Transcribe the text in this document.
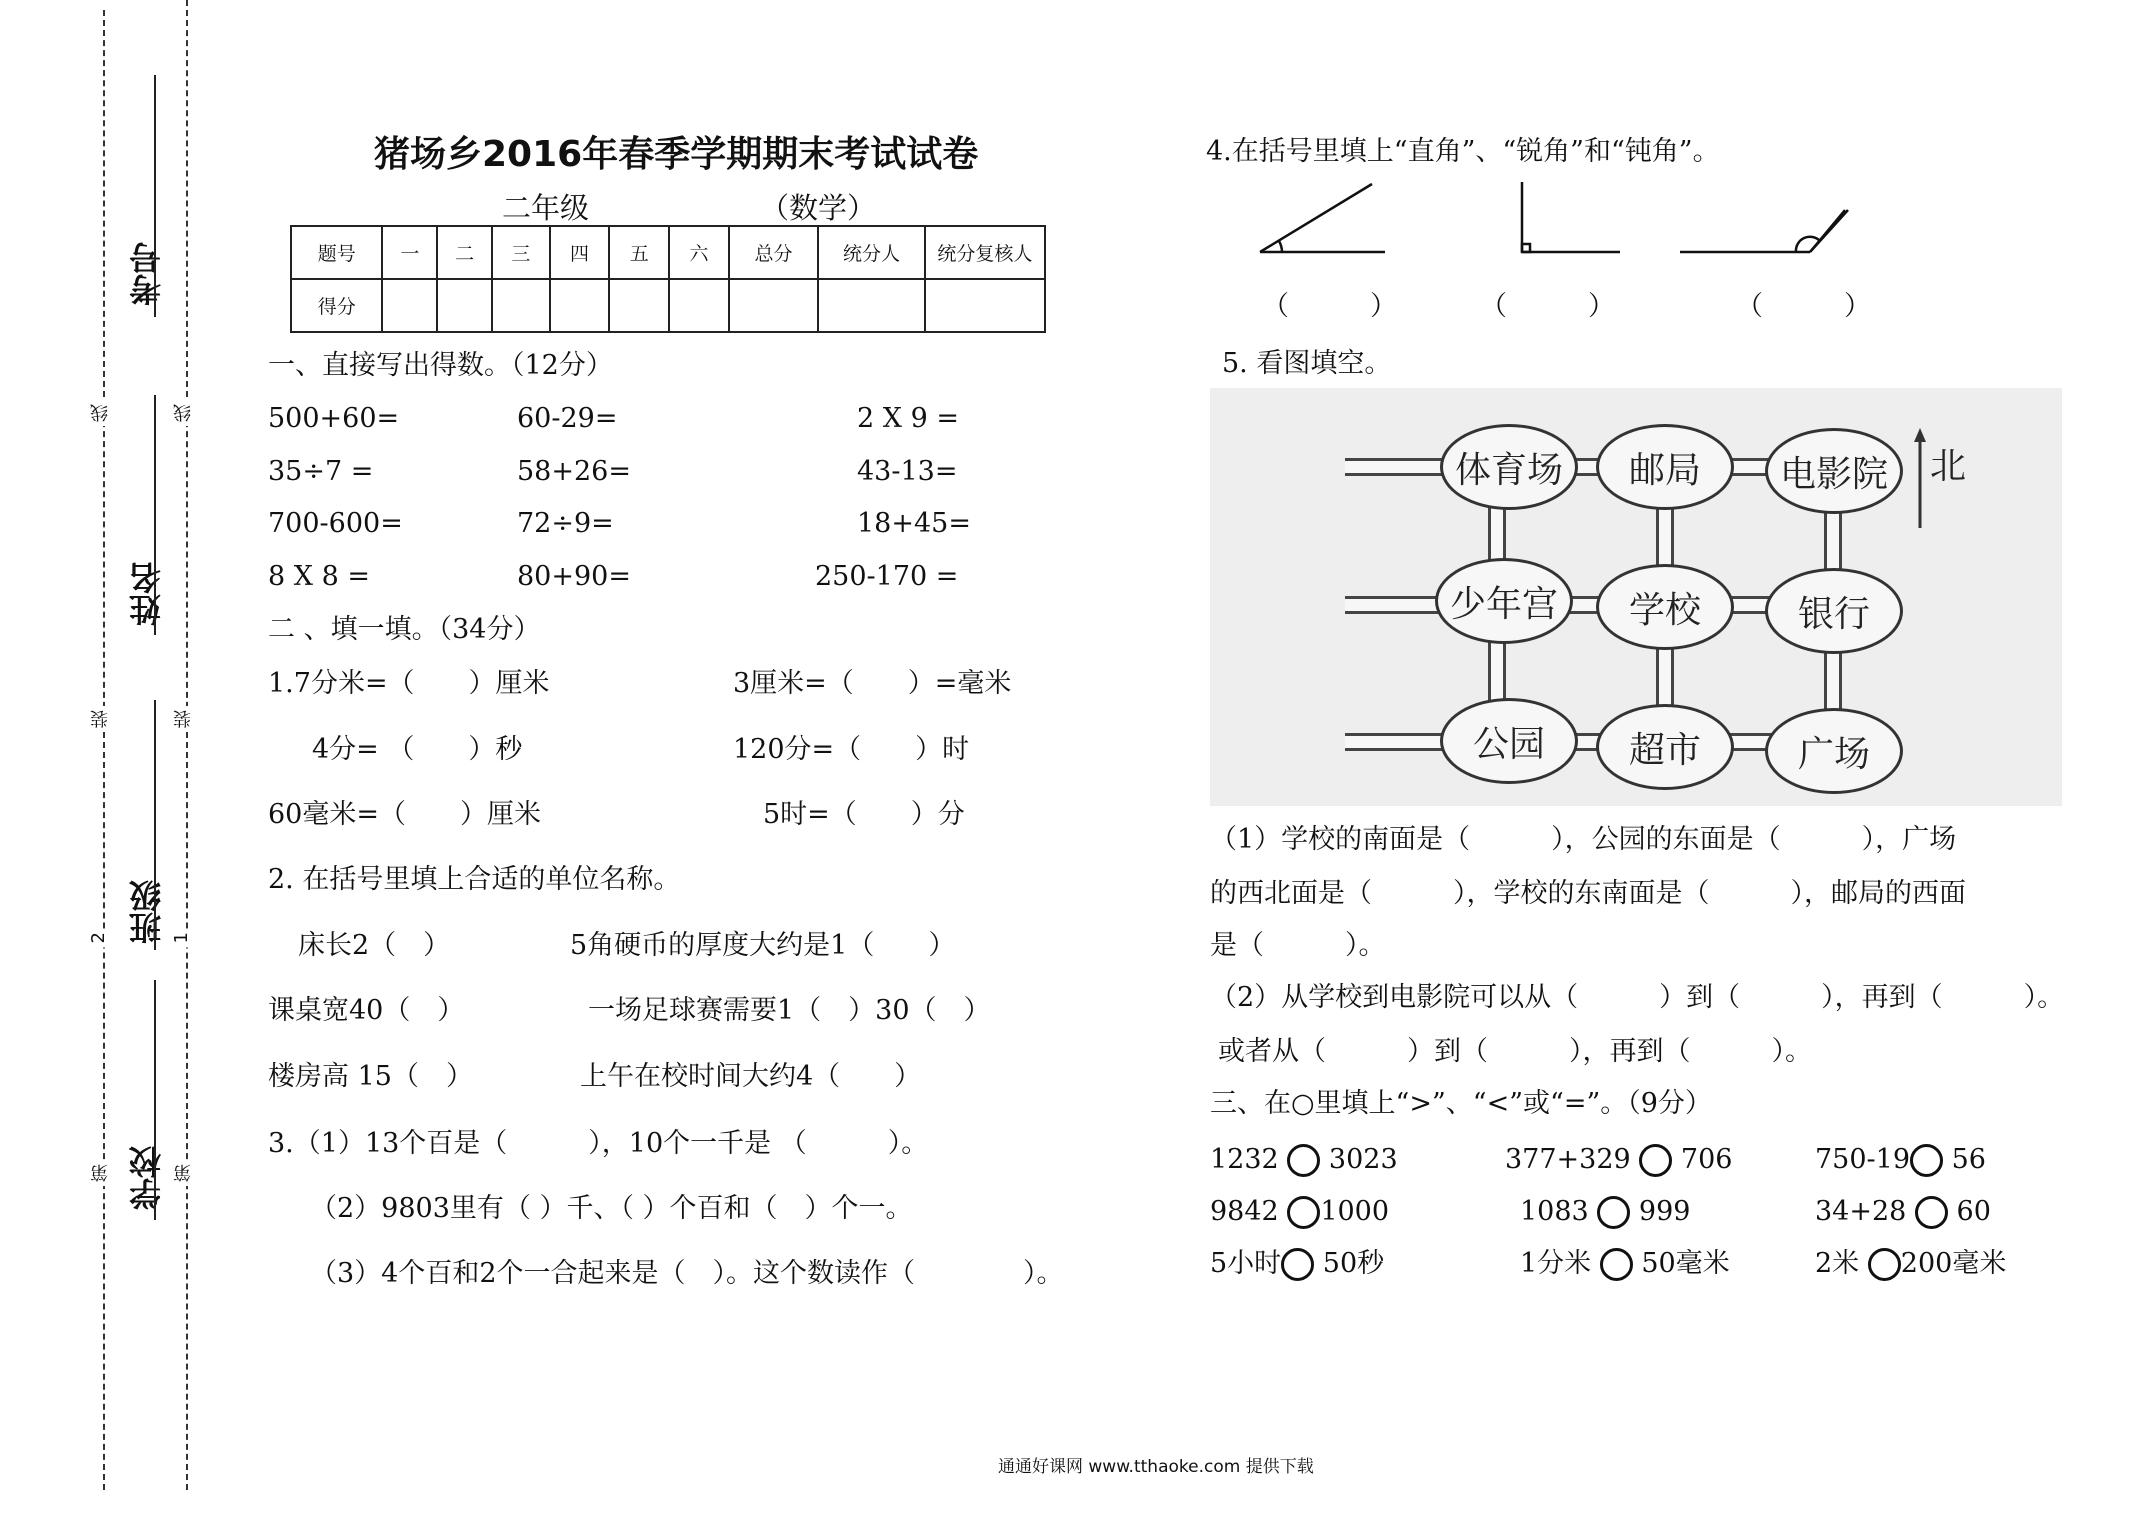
线
装
2
第
线
装
1
第
考号
姓名
班级
学校
猪场乡2016年春季学期期末考试试卷
二年级	（数学）
题号	一	二	三	四	五	六	总分	统分人	统分复核人
得分									
一、直接写出得数。（12分）
500+60=	60-29=	2 X 9 =
35÷7 =	58+26=	43-13=
700-600=	72÷9=	18+45=
8 X 8 =	80+90=	250-170 =
二 、填一填。（34分）
1.7分米=（　　）厘米	3厘米=（　　）=毫米
4分= （　　）秒	120分=（　　）时
60毫米=（　　）厘米	5时=（　　）分
2. 在括号里填上合适的单位名称。
床长2（　）	5角硬币的厚度大约是1（　　）
课桌宽40（　）	一场足球赛需要1（　）30（　）
楼房高 15（　）	上午在校时间大约4（　　）
3.（1）13个百是（　　　），10个一千是 （　　　）。
（2）9803里有（ ）千、（ ）个百和（　）个一。
（3）4个百和2个一合起来是（　）。这个数读作（　　　　）。
4.在括号里填上“直角”、“锐角”和“钝角”。
（　　　）	（　　　）	（　　　）
5. 看图填空。
体育场	邮局	电影院
少年宫	学校	银行
公园	超市	广场
北
（1）学校的南面是（　　　），公园的东面是（　　　），广场
的西北面是（　　　），学校的东南面是（　　　），邮局的西面
是（　　　）。
（2）从学校到电影院可以从（　　　）到（　　　），再到（　　　）。
或者从（　　　）到（　　　），再到（　　　）。
三、在○里填上“>”、“<”或“=”。（9分）
1232 3023	377+329 706	750-19 56
9842 1000	1083 999	34+28 60
5小时 50秒	1分米 50毫米	2米 200毫米
通通好课网 www.tthaoke.com 提供下载
